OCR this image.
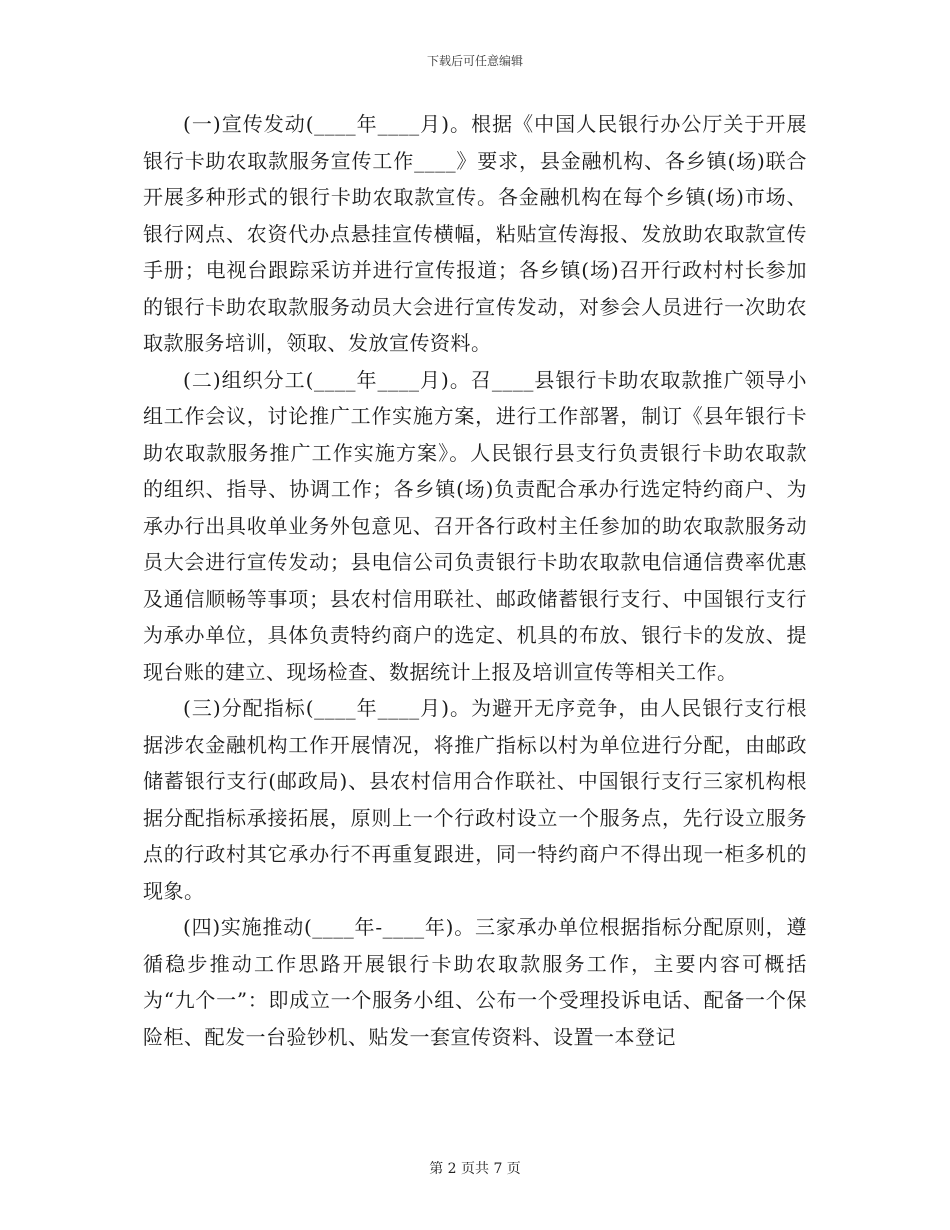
下载后可任意编辑

(一)宣传发动(____年____月)。根据《中国人民银行办公厅关于开展银行卡助农取款服务宣传工作____》要求，县金融机构、各乡镇(场)联合开展多种形式的银行卡助农取款宣传。各金融机构在每个乡镇(场)市场、银行网点、农资代办点悬挂宣传横幅，粘贴宣传海报、发放助农取款宣传手册；电视台跟踪采访并进行宣传报道；各乡镇(场)召开行政村村长参加的银行卡助农取款服务动员大会进行宣传发动，对参会人员进行一次助农取款服务培训，领取、发放宣传资料。

(二)组织分工(____年____月)。召____县银行卡助农取款推广领导小组工作会议，讨论推广工作实施方案，进行工作部署，制订《县年银行卡助农取款服务推广工作实施方案》。人民银行县支行负责银行卡助农取款的组织、指导、协调工作；各乡镇(场)负责配合承办行选定特约商户、为承办行出具收单业务外包意见、召开各行政村主任参加的助农取款服务动员大会进行宣传发动；县电信公司负责银行卡助农取款电信通信费率优惠及通信顺畅等事项；县农村信用联社、邮政储蓄银行支行、中国银行支行为承办单位，具体负责特约商户的选定、机具的布放、银行卡的发放、提现台账的建立、现场检查、数据统计上报及培训宣传等相关工作。

(三)分配指标(____年____月)。为避开无序竞争，由人民银行支行根据涉农金融机构工作开展情况，将推广指标以村为单位进行分配，由邮政储蓄银行支行(邮政局)、县农村信用合作联社、中国银行支行三家机构根据分配指标承接拓展，原则上一个行政村设立一个服务点，先行设立服务点的行政村其它承办行不再重复跟进，同一特约商户不得出现一柜多机的现象。

(四)实施推动(____年-____年)。三家承办单位根据指标分配原则，遵循稳步推动工作思路开展银行卡助农取款服务工作，主要内容可概括为“九个一”：即成立一个服务小组、公布一个受理投诉电话、配备一个保险柜、配发一台验钞机、贴发一套宣传资料、设置一本登记

第 2 页共 7 页
